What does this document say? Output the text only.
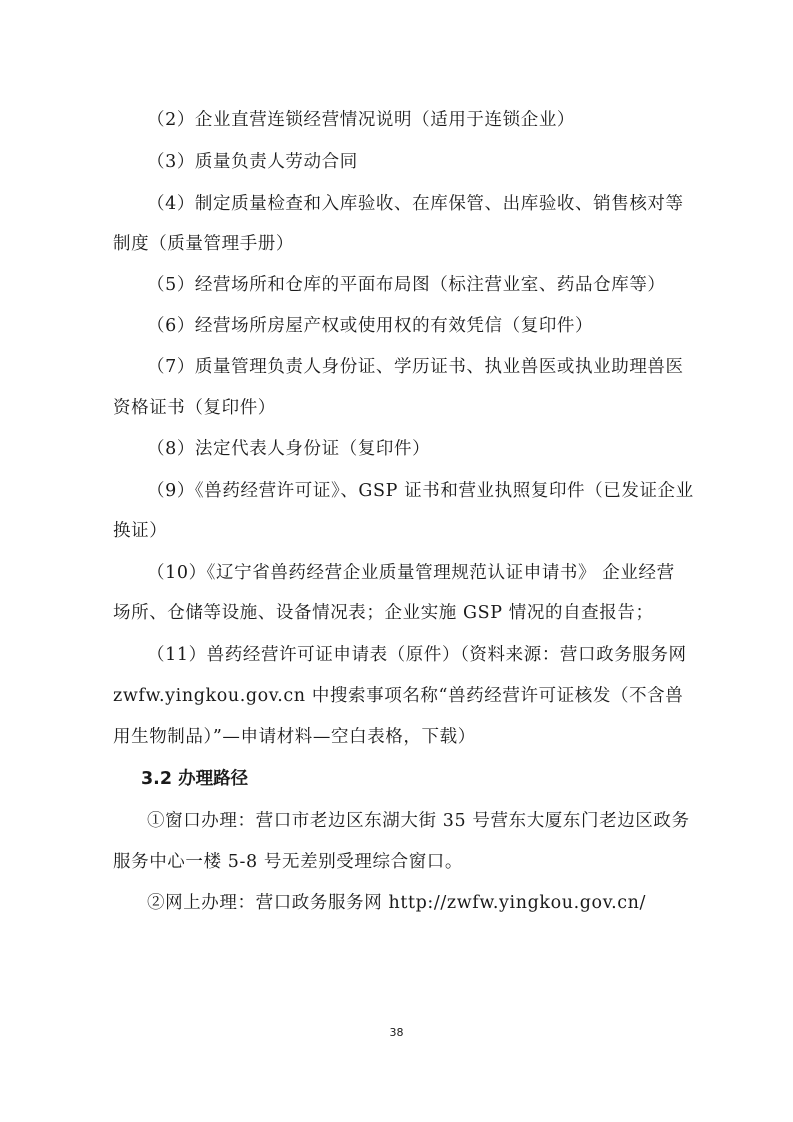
（2）企业直营连锁经营情况说明（适用于连锁企业）
（3）质量负责人劳动合同
（4）制定质量检查和入库验收、在库保管、出库验收、销售核对等
制度（质量管理手册）
（5）经营场所和仓库的平面布局图（标注营业室、药品仓库等）
（6）经营场所房屋产权或使用权的有效凭信（复印件）
（7）质量管理负责人身份证、学历证书、执业兽医或执业助理兽医
资格证书（复印件）
（8）法定代表人身份证（复印件）
（9）《兽药经营许可证》、GSP 证书和营业执照复印件（已发证企业
换证）
（10）《辽宁省兽药经营企业质量管理规范认证申请书》 企业经营
场所、仓储等设施、设备情况表；企业实施 GSP 情况的自查报告；
（11）兽药经营许可证申请表（原件）（资料来源：营口政务服务网
zwfw.yingkou.gov.cn 中搜索事项名称“兽药经营许可证核发（不含兽
用生物制品）”—申请材料—空白表格，下载）
3.2 办理路径
①窗口办理：营口市老边区东湖大街 35 号营东大厦东门老边区政务
服务中心一楼 5-8 号无差别受理综合窗口。
②网上办理：营口政务服务网 http://zwfw.yingkou.gov.cn/
38
